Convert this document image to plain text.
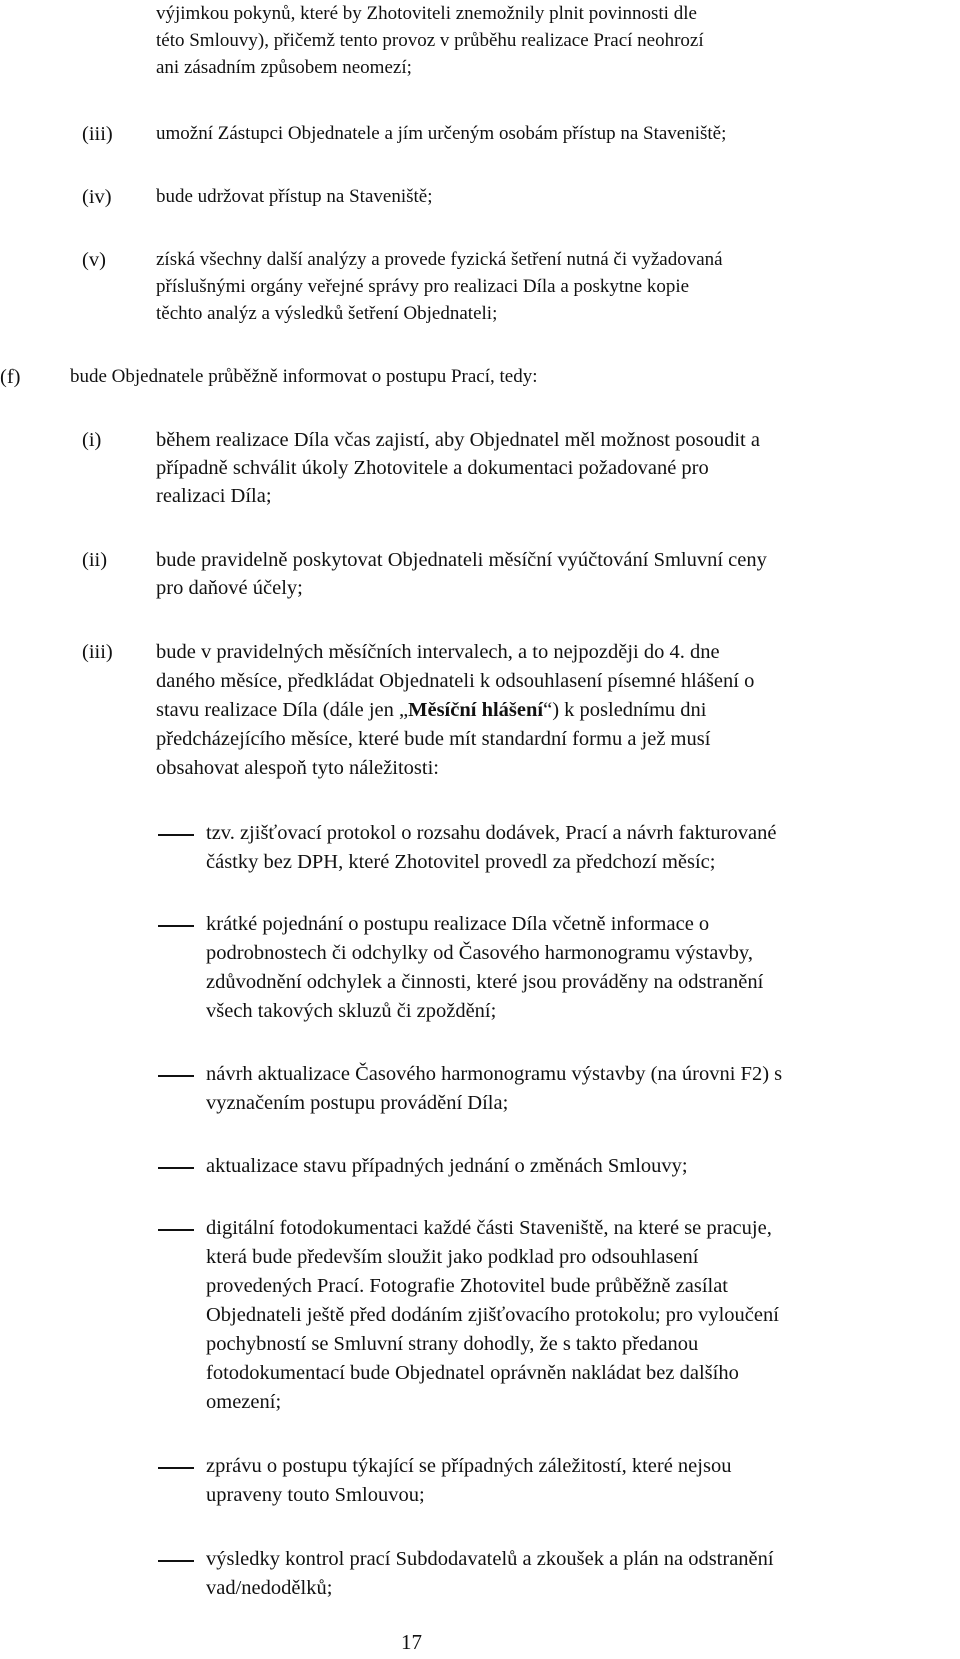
výjimkou pokynů, které by Zhotoviteli znemožnily plnit povinnosti dle
této Smlouvy), přičemž tento provoz v průběhu realizace Prací neohrozí
ani zásadním způsobem neomezí;
(iii) umožní Zástupci Objednatele a jím určeným osobám přístup na Staveniště;
(iv) bude udržovat přístup na Staveniště;
(v)	získá všechny další analýzy a provede fyzická šetření nutná či vyžadovaná
příslušnými orgány veřejné správy pro realizaci Díla a poskytne kopie
těchto analýz a výsledků šetření Objednateli;
(f)	bude Objednatele průběžně informovat o postupu Prací, tedy:
(i)	během realizace Díla včas zajistí, aby Objednatel měl možnost posoudit a
případně schválit úkoly Zhotovitele a dokumentaci požadované pro
realizaci Díla;
(ii) bude pravidelně poskytovat Objednateli měsíční vyúčtování Smluvní ceny
pro daňové účely;
(iii) bude v pravidelných měsíčních intervalech, a to nejpozději do 4. dne
daného měsíce, předkládat Objednateli k odsouhlasení písemné hlášení o
stavu realizace Díla (dále jen „Měsíční hlášení“) k poslednímu dni
předcházejícího měsíce, které bude mít standardní formu a jež musí
obsahovat alespoň tyto náležitosti:
tzv. zjišťovací protokol o rozsahu dodávek, Prací a návrh fakturované
částky bez DPH, které Zhotovitel provedl za předchozí měsíc;
krátké pojednání o postupu realizace Díla včetně informace o
podrobnostech či odchylky od Časového harmonogramu výstavby,
zdůvodnění odchylek a činnosti, které jsou prováděny na odstranění
všech takových skluzů či zpoždění;
návrh aktualizace Časového harmonogramu výstavby (na úrovni F2) s
vyznačením postupu provádění Díla;
aktualizace stavu případných jednání o změnách Smlouvy;
digitální fotodokumentaci každé části Staveniště, na které se pracuje,
která bude především sloužit jako podklad pro odsouhlasení
provedených Prací. Fotografie Zhotovitel bude průběžně zasílat
Objednateli ještě před dodáním zjišťovacího protokolu; pro vyloučení
pochybností se Smluvní strany dohodly, že s takto předanou
fotodokumentací bude Objednatel oprávněn nakládat bez dalšího
omezení;
zprávu o postupu týkající se případných záležitostí, které nejsou
upraveny touto Smlouvou;
výsledky kontrol prací Subdodavatelů a zkoušek a plán na odstranění
vad/nedodělků;
17
